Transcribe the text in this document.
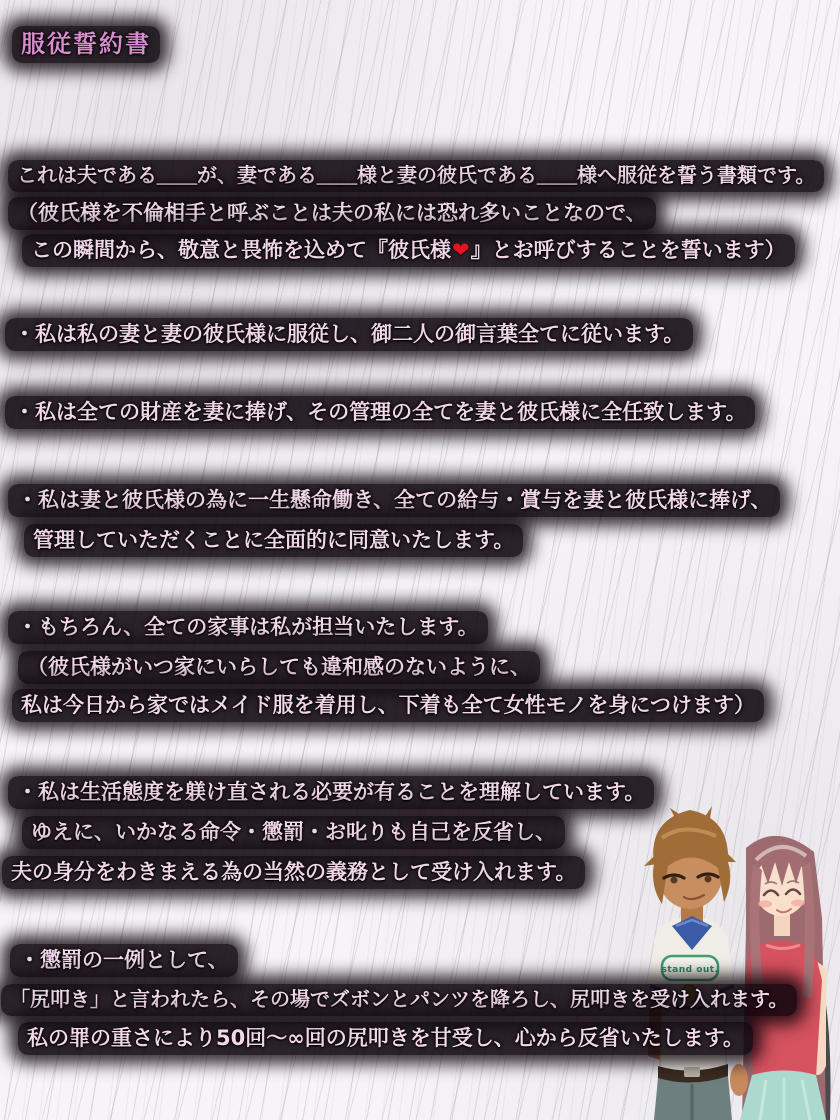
stand out.
服従誓約書
これは夫である＿＿が、妻である＿＿様と妻の彼氏である＿＿様へ服従を誓う書類です。
（彼氏様を不倫相手と呼ぶことは夫の私には恐れ多いことなので、
この瞬間から、敬意と畏怖を込めて『彼氏様❤』とお呼びすることを誓います）
・私は私の妻と妻の彼氏様に服従し、御二人の御言葉全てに従います。
・私は全ての財産を妻に捧げ、その管理の全てを妻と彼氏様に全任致します。
・私は妻と彼氏様の為に一生懸命働き、全ての給与・賞与を妻と彼氏様に捧げ、
管理していただくことに全面的に同意いたします。
・もちろん、全ての家事は私が担当いたします。
（彼氏様がいつ家にいらしても違和感のないように、
私は今日から家ではメイド服を着用し、下着も全て女性モノを身につけます）
・私は生活態度を躾け直される必要が有ることを理解しています。
ゆえに、いかなる命令・懲罰・お叱りも自己を反省し、
夫の身分をわきまえる為の当然の義務として受け入れます。
・懲罰の一例として、
「尻叩き」と言われたら、その場でズボンとパンツを降ろし、尻叩きを受け入れます。
私の罪の重さにより50回～∞回の尻叩きを甘受し、心から反省いたします。
